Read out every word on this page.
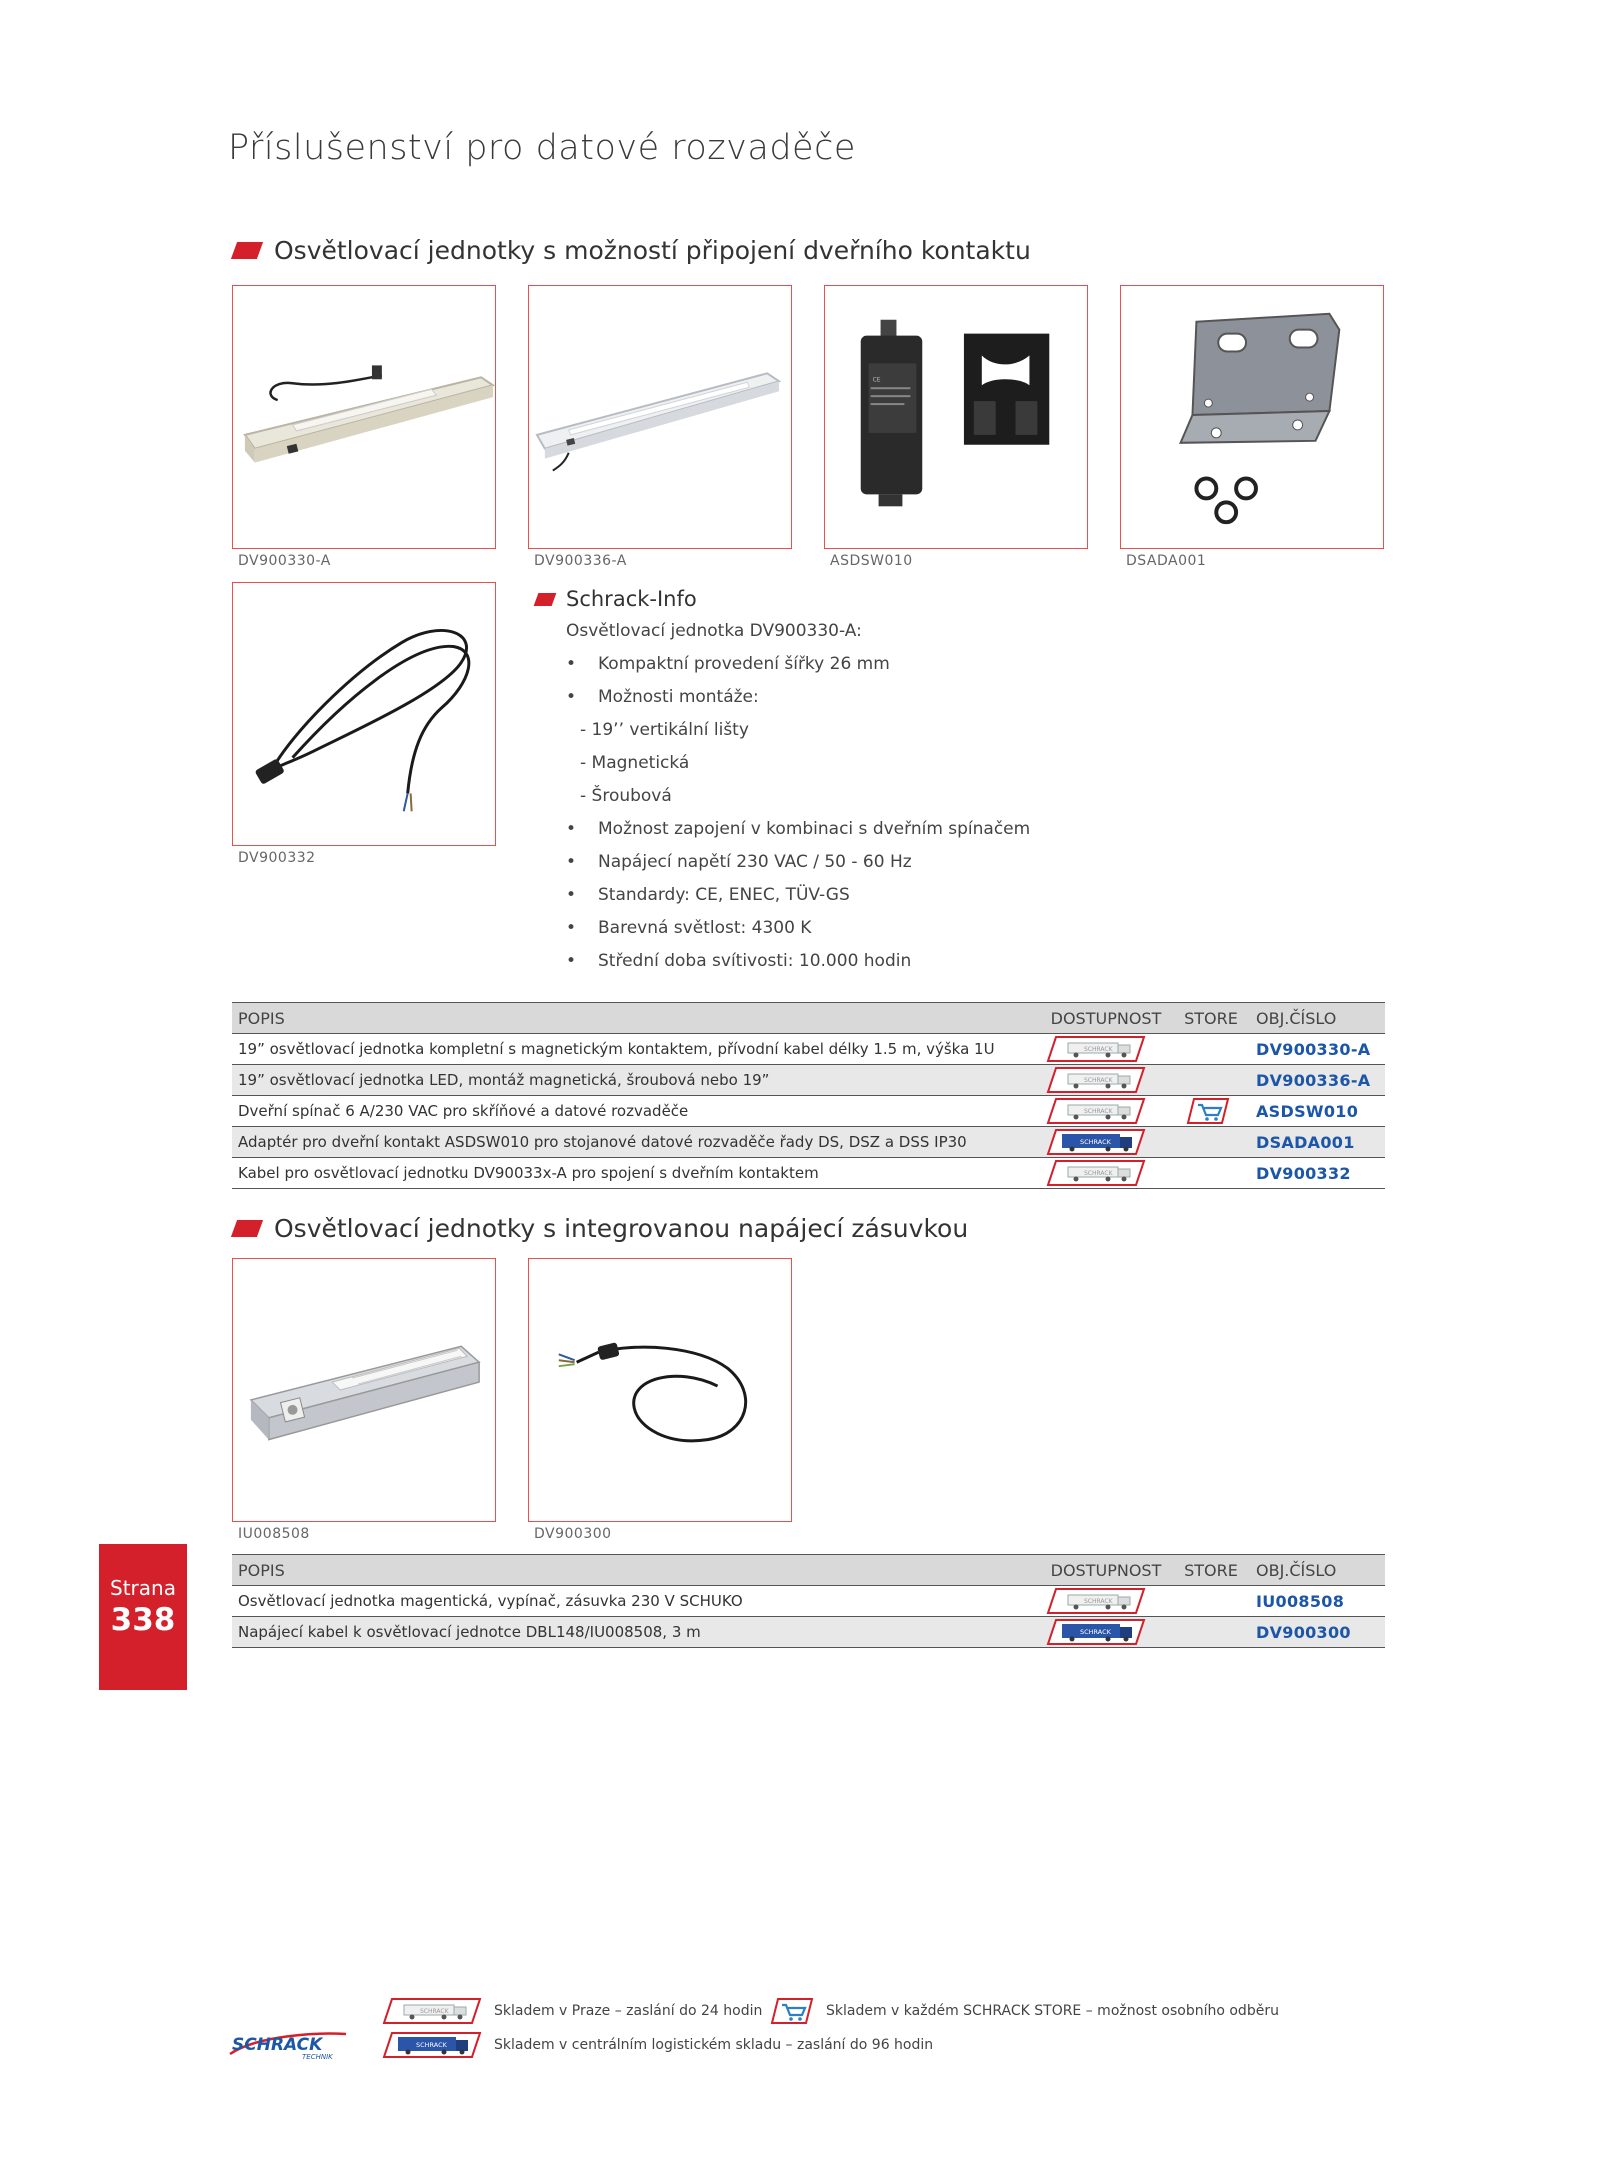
Příslušenství pro datové rozvaděče
Osvětlovací jednotky s možností připojení dveřního kontaktu
CE
DV900330-A	DV900336-A	ASDSW010	DSADA001
DV900332
Schrack-Info
Osvětlovací jednotka DV900330-A:
• Kompaktní provedení šířky 26 mm
• Možnosti montáže:
- 19’’ vertikální lišty
- Magnetická
- Šroubová
• Možnost zapojení v kombinaci s dveřním spínačem
• Napájecí napětí 230 VAC / 50 - 60 Hz
• Standardy: CE, ENEC, TÜV-GS
• Barevná světlost: 4300 K
• Střední doba svítivosti: 10.000 hodin
POPIS	DOSTUPNOST	STORE	OBJ.ČÍSLO
19” osvětlovací jednotka kompletní s magnetickým kontaktem, přívodní kabel délky 1.5 m, výška 1U			DV900330-A
19” osvětlovací jednotka LED, montáž magnetická, šroubová nebo 19”			DV900336-A
Dveřní spínač 6 A/230 VAC pro skříňové a datové rozvaděče			ASDSW010
Adaptér pro dveřní kontakt ASDSW010 pro stojanové datové rozvaděče řady DS, DSZ a DSS IP30			DSADA001
Kabel pro osvětlovací jednotku DV90033x-A pro spojení s dveřním kontaktem			DV900332
Osvětlovací jednotky s integrovanou napájecí zásuvkou
IU008508	DV900300
POPIS	DOSTUPNOST	STORE	OBJ.ČÍSLO
Osvětlovací jednotka magentická, vypínač, zásuvka 230 V SCHUKO			IU008508
Napájecí kabel k osvětlovací jednotce DBL148/IU008508, 3 m			DV900300
Strana
338
SCHRACK
TECHNIK
Skladem v Praze – zaslání do 24 hodin	Skladem v každém SCHRACK STORE – možnost osobního odběru
Skladem v centrálním logistickém skladu – zaslání do 96 hodin
